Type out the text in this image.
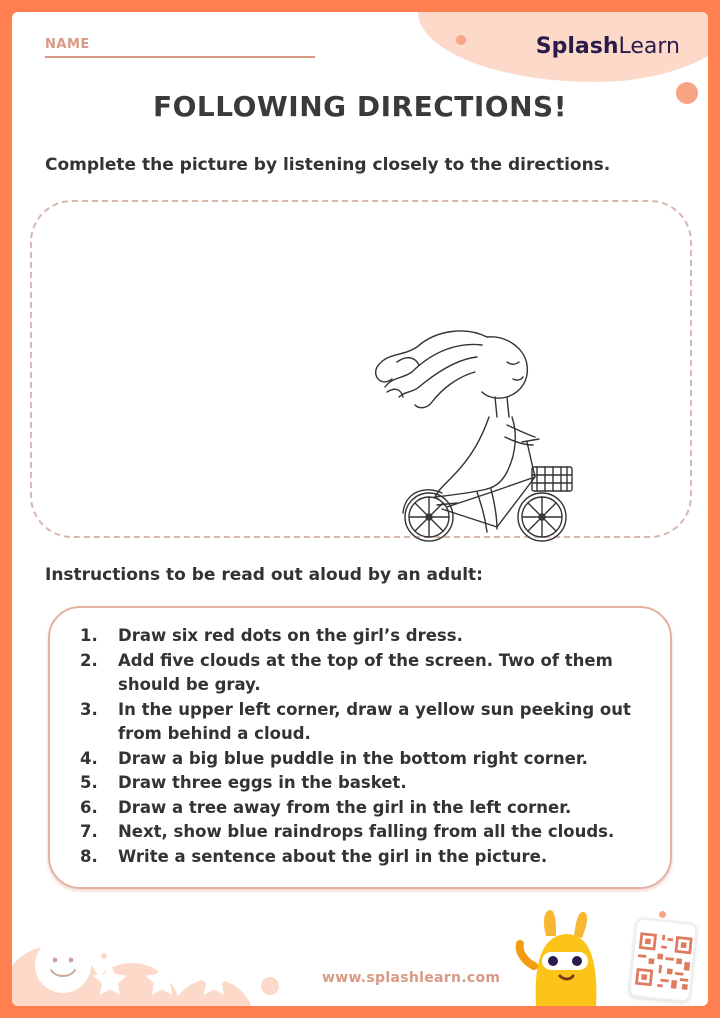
NAME	SplashLearn
FOLLOWING DIRECTIONS!
Complete the picture by listening closely to the directions.
Instructions to be read out aloud by an adult:
1.	Draw six red dots on the girl’s dress.
2.	Add five clouds at the top of the screen. Two of them should be gray.
3.	In the upper left corner, draw a yellow sun peeking out from behind a cloud.
4.	Draw a big blue puddle in the bottom right corner.
5.	Draw three eggs in the basket.
6.	Draw a tree away from the girl in the left corner.
7.	Next, show blue raindrops falling from all the clouds.
8.	Write a sentence about the girl in the picture.
www.splashlearn.com
